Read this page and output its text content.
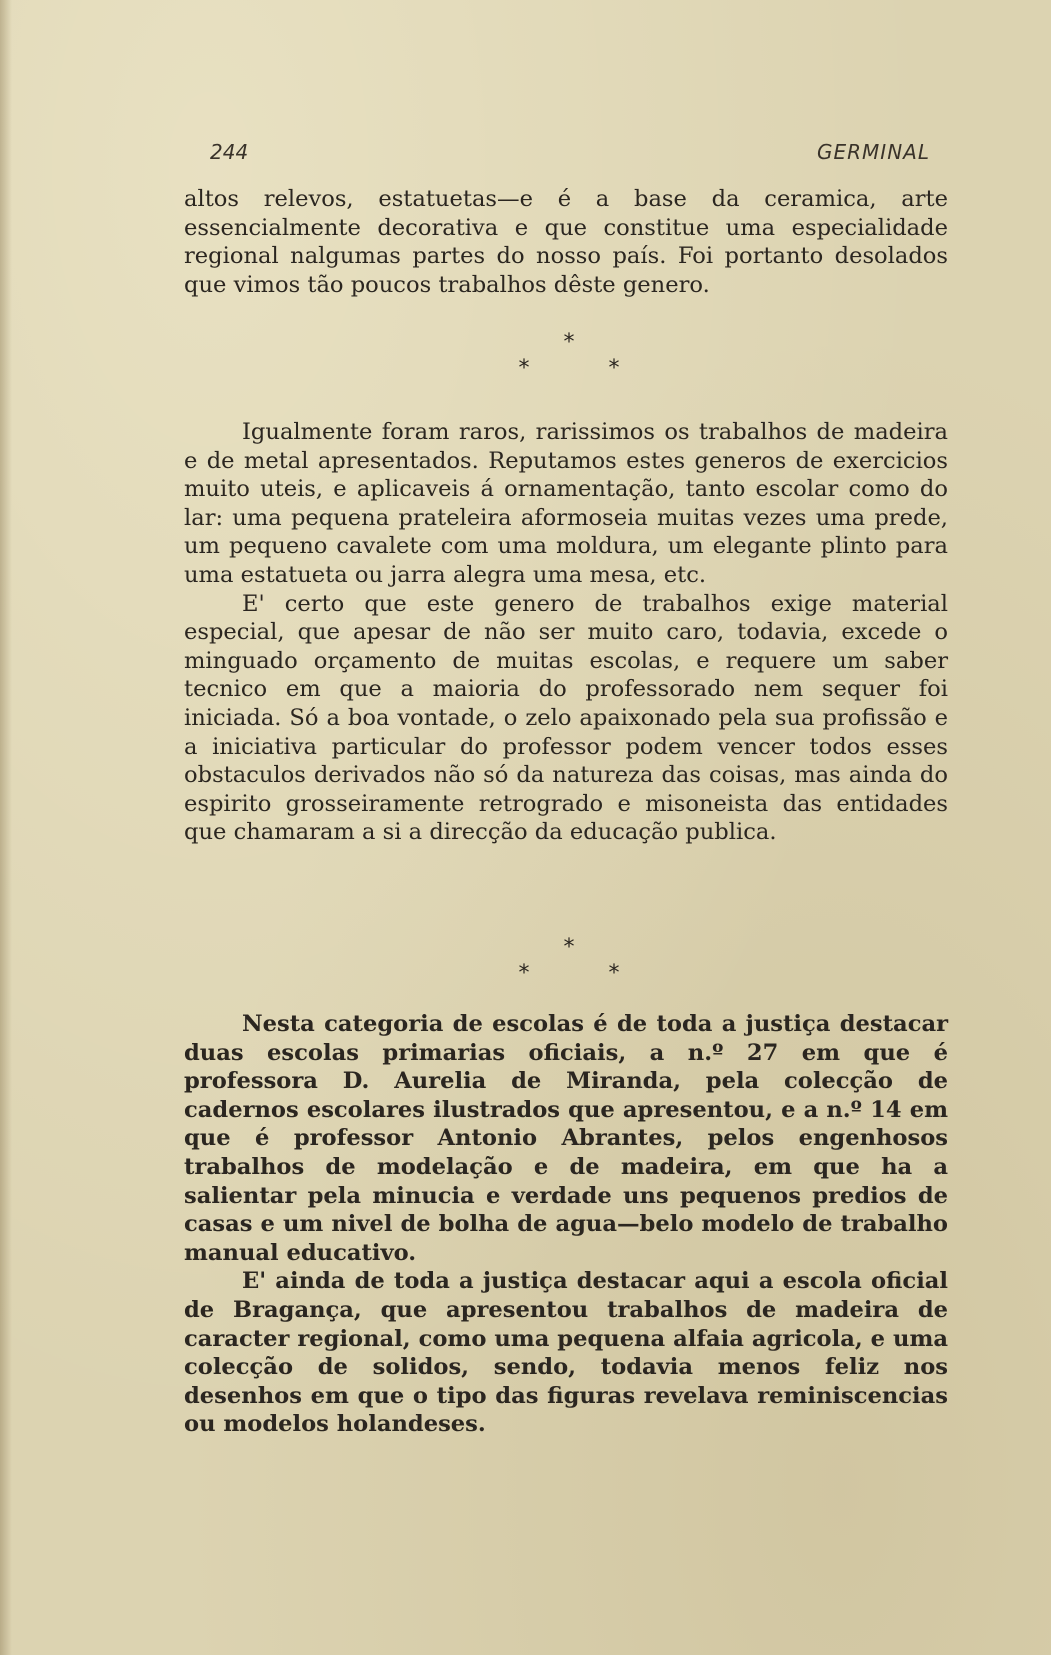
244	GERMINAL

altos relevos, estatuetas—e é a base da ceramica, arte essencialmente decorativa e que constitue uma especialidade regional nalgumas partes do nosso país. Foi portanto desolados que vimos tão poucos trabalhos dêste genero.

*
* *

Igualmente foram raros, rarissimos os trabalhos de madeira e de metal apresentados. Reputamos estes generos de exercicios muito uteis, e aplicaveis á ornamentação, tanto escolar como do lar: uma pequena prateleira aformoseia muitas vezes uma prede, um pequeno cavalete com uma moldura, um elegante plinto para uma estatueta ou jarra alegra uma mesa, etc.

E' certo que este genero de trabalhos exige material especial, que apesar de não ser muito caro, todavia, excede o minguado orçamento de muitas escolas, e requere um saber tecnico em que a maioria do professorado nem sequer foi iniciada. Só a boa vontade, o zelo apaixonado pela sua profissão e a iniciativa particular do professor podem vencer todos esses obstaculos derivados não só da natureza das coisas, mas ainda do espirito grosseiramente retrogrado e misoneista das entidades que chamaram a si a direcção da educação publica.

*
* *

Nesta categoria de escolas é de toda a justiça destacar duas escolas primarias oficiais, a n.º 27 em que é professora D. Aurelia de Miranda, pela colecção de cadernos escolares ilustrados que apresentou, e a n.º 14 em que é professor Antonio Abrantes, pelos engenhosos trabalhos de modelação e de madeira, em que ha a salientar pela minucia e verdade uns pequenos predios de casas e um nivel de bolha de agua—belo modelo de trabalho manual educativo.

E' ainda de toda a justiça destacar aqui a escola oficial de Bragança, que apresentou trabalhos de madeira de caracter regional, como uma pequena alfaia agricola, e uma colecção de solidos, sendo, todavia menos feliz nos desenhos em que o tipo das figuras revelava reminiscencias ou modelos holandeses.
